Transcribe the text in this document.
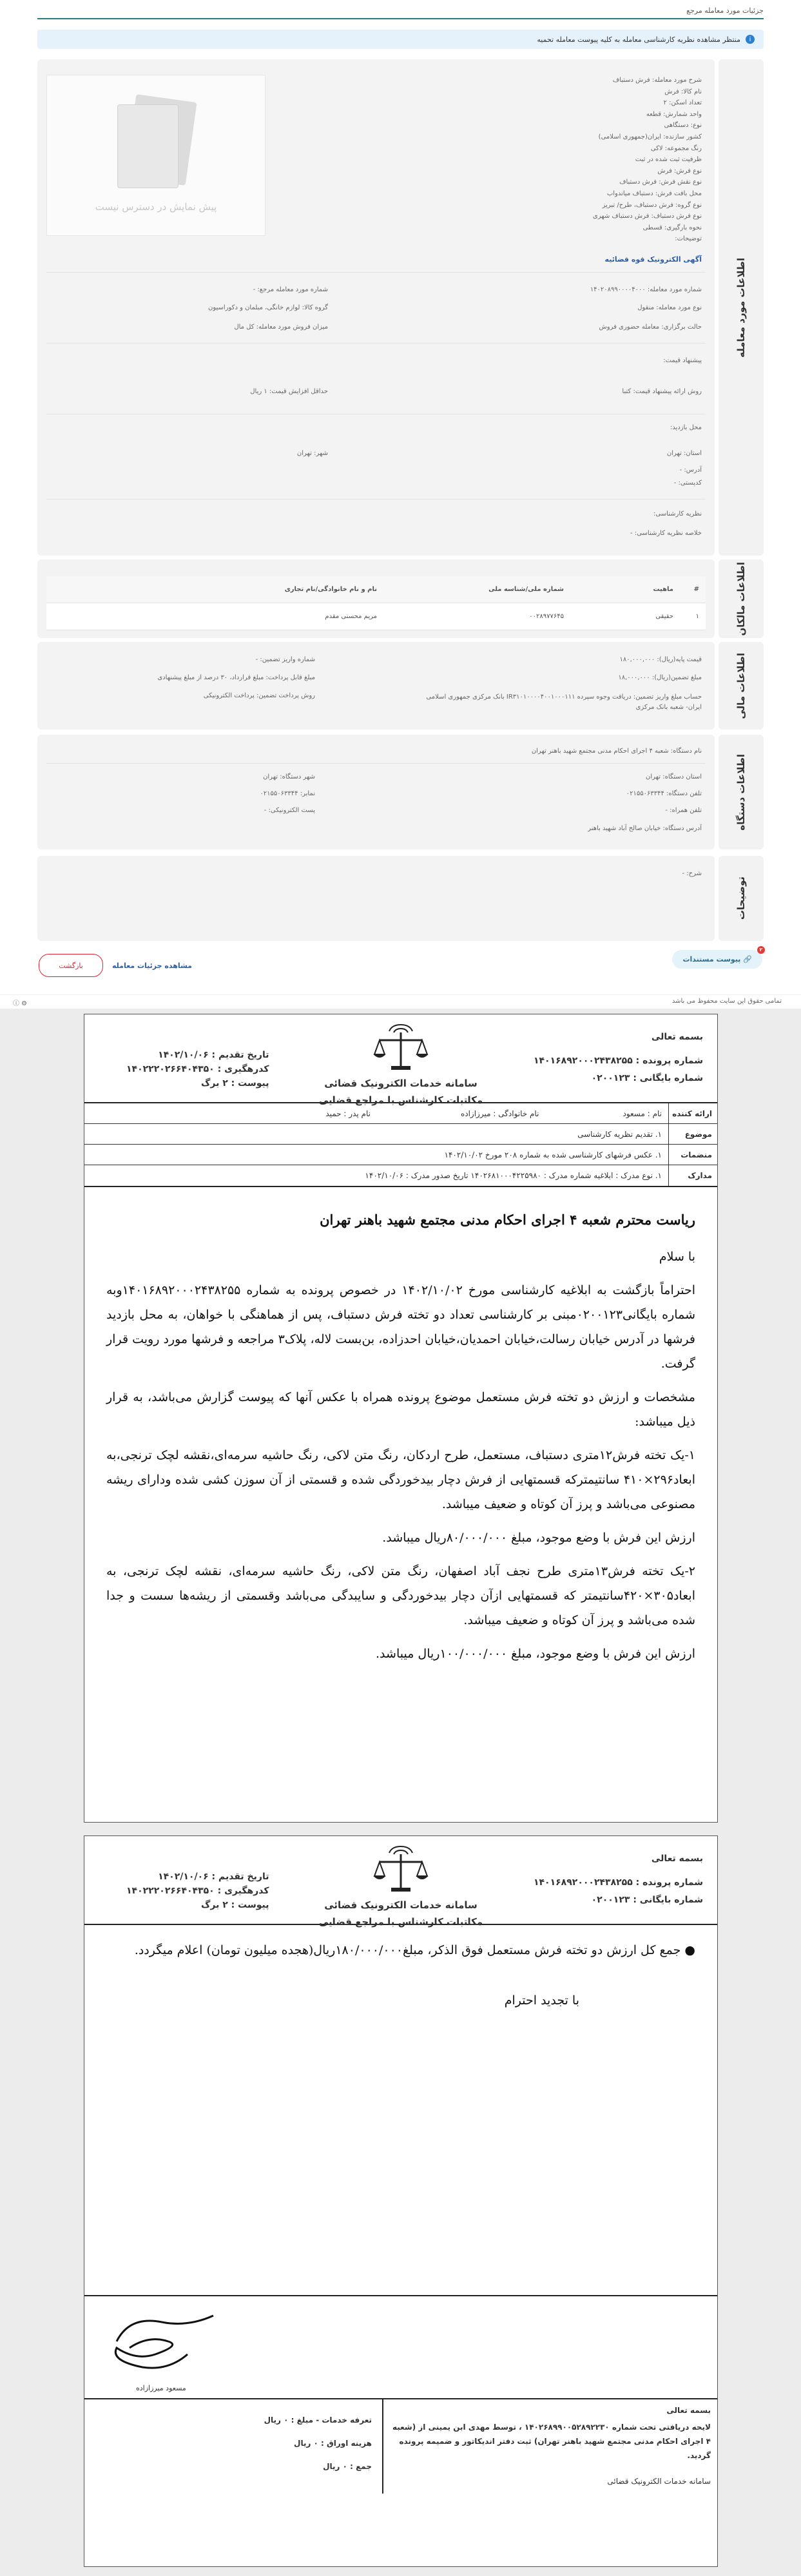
جزئیات مورد معامله مرجع
i
منتظر مشاهده نظریه کارشناسی معامله به کلیه پیوست معامله تحمیه
اطلاعات مورد معامله
شرح مورد معامله: فرش دستباف
نام کالا: فرش
تعداد اسکن: ۲
واحد شمارش: قطعه
نوع: دستگاهی
کشور سازنده: ایران(جمهوری اسلامی)
رنگ مجموعه: لاکی
ظرفیت ثبت شده در ثبت
نوع فرش: فرش
نوع نقش فرش: فرش دستباف
محل بافت فرش: دستباف میاندواب
نوع گروه: فرش دستباف، طرح/ تبریز
نوع فرش دستباف: فرش دستباف شهری
نحوه بارگیری: قسطی
توضیحات:
پیش نمایش در دسترس نیست
آگهی الکترونیک قوه قضائیه
شماره مورد معامله: ۱۴۰۲۰۸۹۹۰۰۰۰۴۰۰۰
شماره مورد معامله مرجع: -
نوع مورد معامله: منقول
گروه کالا: لوازم خانگی، مبلمان و دکوراسیون
حالت برگزاری: معامله حضوری فروش
میزان فروش مورد معامله: کل مال
پیشنهاد قیمت:
روش ارائه پیشنهاد قیمت: کتبا
حداقل افزایش قیمت: ۱ ریال
محل بازدید:
استان: تهران
شهر: تهران
آدرس: -
کدپستی: -
نظریه کارشناسی:
خلاصه نظریه کارشناسی: -
اطلاعات مالکان
#
ماهیت
شماره ملی/شناسه ملی
نام و نام خانوادگی/نام تجاری
۱
حقیقی
۰۰۲۸۹۷۷۶۴۵
مریم محسنی مقدم
اطلاعات مالی
قیمت پایه(ریال): ۱۸۰,۰۰۰,۰۰۰
شماره واریز تضمین: -
مبلغ تضمین(ریال): ۱۸,۰۰۰,۰۰۰
مبلغ قابل پرداخت: مبلغ قرارداد، ۳۰ درصد از مبلغ پیشنهادی
حساب مبلغ واریز تضمین: دریافت وجوه سپرده IR۳۱۰۱۰۰۰۰۴۰۰۱۰۰۰۱۱۱ بانک مرکزی جمهوری اسلامی ایران- شعبه بانک مرکزی
روش پرداخت تضمین: پرداخت الکترونیکی
اطلاعات دستگاه
نام دستگاه: شعبه ۴ اجرای احکام مدنی مجتمع شهید باهنر تهران
استان دستگاه: تهران
شهر دستگاه: تهران
تلفن دستگاه: ۰۲۱۵۵۰۶۳۳۴۴
نمابر: ۰۲۱۵۵۰۶۳۳۴۴
تلفن همراه: -
پست الکترونیکی: -
آدرس دستگاه: خیابان صالح آباد شهید باهنر
توضیحات
شرح: -
۲
🔗 پیوست مستندات
بازگشت	مشاهده جزئیات معامله
تمامی حقوق این سایت محفوظ می باشد
⚙ ⓘ
بسمه تعالی
شماره پرونده : ۱۴۰۱۶۸۹۲۰۰۰۲۴۳۸۲۵۵
شماره بایگانی : ۰۲۰۰۱۲۳
سامانه خدمات الکترونیک قضائی
مکاتبات کارشناس با مراجع قضایی
تاریخ تقدیم : ۱۴۰۲/۱۰/۰۶
کدرهگیری : ۱۴۰۲۲۲۰۲۶۶۴۰۴۳۵۰
پیوست : ۲ برگ
ارائه کننده
نام : مسعود
نام خانوادگی : میرزازاده
نام پدر : حمید
موضوع
۱. تقدیم نظریه کارشناسی
منضمات
۱. عکس فرشهای کارشناسی شده به شماره ۲۰۸ مورخ ۱۴۰۲/۱۰/۰۲
مدارک
۱. نوع مدرک : ابلاغیه شماره مدرک : ۱۴۰۲۶۸۱۰۰۰۴۲۲۵۹۸۰ تاریخ صدور مدرک : ۱۴۰۲/۱۰/۰۶
ریاست محترم شعبه ۴ اجرای احکام مدنی مجتمع شهید باهنر تهران

با سلام

احتراماً بازگشت به ابلاغیه کارشناسی مورخ ۱۴۰۲/۱۰/۰۲ در خصوص پرونده به شماره ۱۴۰۱۶۸۹۲۰۰۰۲۴۳۸۲۵۵وبه شماره بایگانی۰۲۰۰۱۲۳مبنی بر کارشناسی تعداد دو تخته فرش دستباف، پس از هماهنگی با خواهان، به محل بازدید فرشها در آدرس خیابان رسالت،خیابان احمدیان،خیابان احدزاده، بن‌بست لاله، پلاک۳ مراجعه و فرشها مورد رویت قرار گرفت.

مشخصات و ارزش دو تخته فرش مستعمل موضوع پرونده همراه با عکس آنها که پیوست گزارش می‌باشد، به قرار ذیل میباشد:

۱-یک تخته فرش۱۲متری دستباف، مستعمل، طرح اردکان، رنگ متن لاکی، رنگ حاشیه سرمه‌ای،نقشه لچک ترنجی،به ابعاد۲۹۶×۴۱۰ سانتیمترکه قسمتهایی از فرش دچار بیدخوردگی شده و قسمتی از آن سوزن کشی شده ودارای ریشه مصنوعی می‌باشد و پرز آن کوتاه و ضعیف میباشد.

ارزش این فرش با وضع موجود، مبلغ ۸۰/۰۰۰/۰۰۰ریال میباشد.

۲-یک تخته فرش۱۳متری طرح نجف آباد اصفهان، رنگ متن لاکی، رنگ حاشیه سرمه‌ای، نقشه لچک ترنجی، به ابعاد۳۰۵×۴۲۰سانتیمتر که قسمتهایی ازآن دچار بیدخوردگی و سایبدگی می‌باشد وقسمتی از ریشه‌ها سست و جدا شده می‌باشد و پرز آن کوتاه و ضعیف میباشد.

ارزش این فرش با وضع موجود، مبلغ ۱۰۰/۰۰۰/۰۰۰ریال میباشد.

بسمه تعالی
شماره پرونده : ۱۴۰۱۶۸۹۲۰۰۰۲۴۳۸۲۵۵
شماره بایگانی : ۰۲۰۰۱۲۳
سامانه خدمات الکترونیک قضائی
مکاتبات کارشناس با مراجع قضایی
تاریخ تقدیم : ۱۴۰۲/۱۰/۰۶
کدرهگیری : ۱۴۰۲۲۲۰۲۶۶۴۰۴۳۵۰
پیوست : ۲ برگ

● جمع کل ارزش دو تخته فرش مستعمل فوق الذکر، مبلغ۱۸۰/۰۰۰/۰۰۰ریال(هجده میلیون تومان) اعلام میگردد.

با تجدید احترام

مسعود میرزازاده
بسمه تعالی
لایحه دریافتی تحت شماره ۱۴۰۲۶۸۹۹۰۰۵۲۸۹۲۲۳۰ ، توسط مهدی ابن یمینی از (شعبه ۴ اجرای احکام مدنی مجتمع شهید باهنر تهران) ثبت دفتر اندیکاتور و ضمیمه پرونده گردید.
سامانه خدمات الکترونیک قضائی
تعرفه خدمات - مبلغ : ۰ ریال
هزینه اوراق : ۰ ریال
جمع : ۰ ریال
